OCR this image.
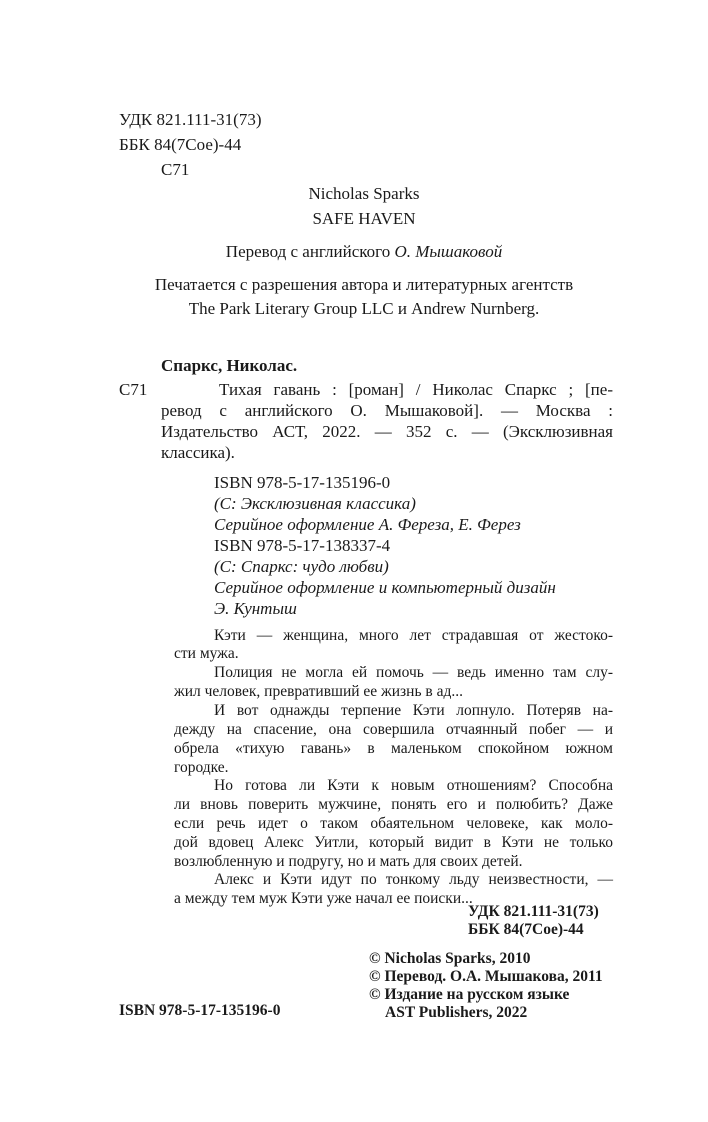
УДК 821.111-31(73)
ББК 84(7Сое)-44
С71
Nicholas Sparks
SAFE HAVEN
Перевод с английского О. Мышаковой
Печатается с разрешения автора и литературных агентств
The Park Literary Group LLC и Andrew Nurnberg.
Спаркс, Николас.
С71	Тихая гавань : [роман] / Николас Спаркс ; [пе-
ревод с английского О. Мышаковой]. — Москва :
Издательство АСТ, 2022. — 352 с. — (Эксклюзивная
классика).
ISBN 978-5-17-135196-0
(С: Эксклюзивная классика)
Серийное оформление А. Фереза, Е. Ферез
ISBN 978-5-17-138337-4
(С: Спаркс: чудо любви)
Серийное оформление и компьютерный дизайн
Э. Кунтыш
Кэти — женщина, много лет страдавшая от жестоко-
сти мужа.
Полиция не могла ей помочь — ведь именно там слу-
жил человек, превративший ее жизнь в ад...
И вот однажды терпение Кэти лопнуло. Потеряв на-
дежду на спасение, она совершила отчаянный побег — и
обрела «тихую гавань» в маленьком спокойном южном
городке.
Но готова ли Кэти к новым отношениям? Способна
ли вновь поверить мужчине, понять его и полюбить? Даже
если речь идет о таком обаятельном человеке, как моло-
дой вдовец Алекс Уитли, который видит в Кэти не только
возлюбленную и подругу, но и мать для своих детей.
Алекс и Кэти идут по тонкому льду неизвестности, —
а между тем муж Кэти уже начал ее поиски...
УДК 821.111-31(73)
ББК 84(7Сое)-44
© Nicholas Sparks, 2010
© Перевод. О.А. Мышакова, 2011
© Издание на русском языке
AST Publishers, 2022
ISBN 978-5-17-135196-0
